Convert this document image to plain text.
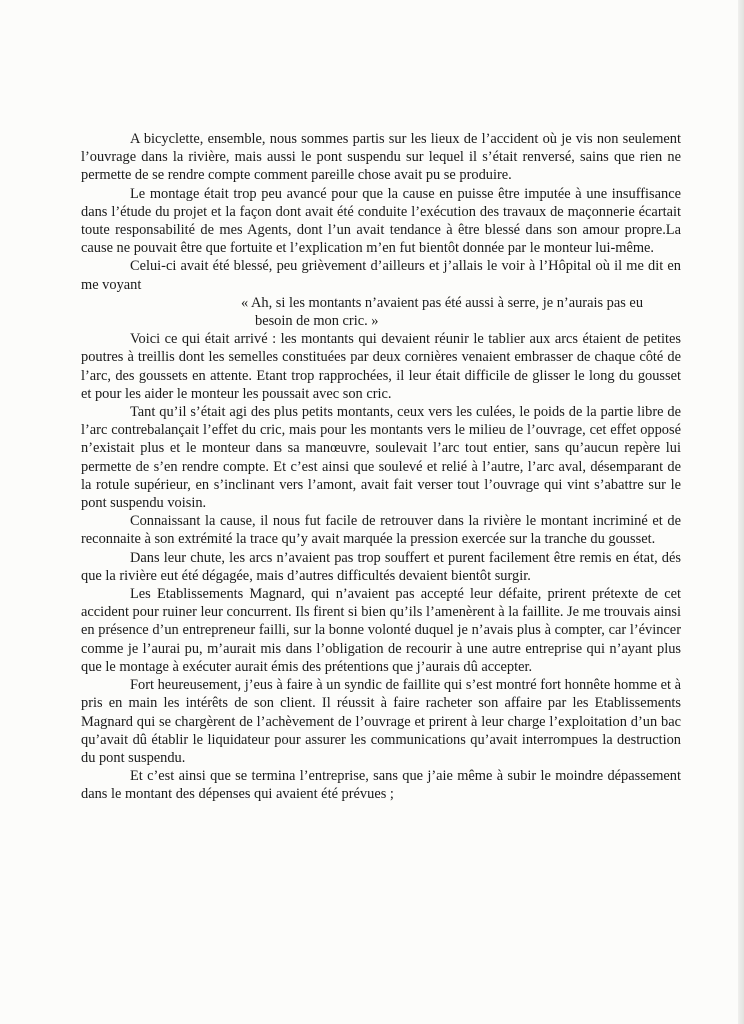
A bicyclette, ensemble, nous sommes partis sur les lieux de l’accident où je vis non seulement l’ouvrage dans la rivière, mais aussi le pont suspendu sur lequel il s’était renversé, sains que rien ne permette de se rendre compte comment pareille chose avait pu se produire.

Le montage était trop peu avancé pour que la cause en puisse être imputée à une insuffisance dans l’étude du projet et la façon dont avait été conduite l’exécution des travaux de maçonnerie écartait toute responsabilité de mes Agents, dont l’un avait tendance à être blessé dans son amour propre.La cause ne pouvait être que fortuite et l’explication m’en fut bientôt donnée par le monteur lui-même.

Celui-ci avait été blessé, peu grièvement d’ailleurs et j’allais le voir à l’Hôpital où il me dit en me voyant

« Ah, si les montants n’avaient pas été aussi à serre, je n’aurais pas eu
besoin de mon cric. »

Voici ce qui était arrivé : les montants qui devaient réunir le tablier aux arcs étaient de petites poutres à treillis dont les semelles constituées par deux cornières venaient embrasser de chaque côté de l’arc, des goussets en attente. Etant trop rapprochées, il leur était difficile de glisser le long du gousset et pour les aider le monteur les poussait avec son cric.

Tant qu’il s’était agi des plus petits montants, ceux vers les culées, le poids de la partie libre de l’arc contrebalançait l’effet du cric, mais pour les montants vers le milieu de l’ouvrage, cet effet opposé n’existait plus et le monteur dans sa manœuvre, soulevait l’arc tout entier, sans qu’aucun repère lui permette de s’en rendre compte. Et c’est ainsi que soulevé et relié à l’autre, l’arc aval, désemparant de la rotule supérieur, en s’inclinant vers l’amont, avait fait verser tout l’ouvrage qui vint s’abattre sur le pont suspendu voisin.

Connaissant la cause, il nous fut facile de retrouver dans la rivière le montant incriminé et de reconnaite à son extrémité la trace qu’y avait marquée la pression exercée sur la tranche du gousset.

Dans leur chute, les arcs n’avaient pas trop souffert et purent facilement être remis en état, dés que la rivière eut été dégagée, mais d’autres difficultés devaient bientôt surgir.

Les Etablissements Magnard, qui n’avaient pas accepté leur défaite, prirent prétexte de cet accident pour ruiner leur concurrent. Ils firent si bien qu’ils l’amenèrent à la faillite. Je me trouvais ainsi en présence d’un entrepreneur failli, sur la bonne volonté duquel je n’avais plus à compter, car l’évincer comme je l’aurai pu, m’aurait mis dans l’obligation de recourir à une autre entreprise qui n’ayant plus que le montage à exécuter aurait émis des prétentions que j’aurais dû accepter.

Fort heureusement, j’eus à faire à un syndic de faillite qui s’est montré fort honnête homme et à pris en main les intérêts de son client. Il réussit à faire racheter son affaire par les Etablissements Magnard qui se chargèrent de l’achèvement de l’ouvrage et prirent à leur charge l’exploitation d’un bac qu’avait dû établir le liquidateur pour assurer les communications qu’avait interrompues la destruction du pont suspendu.

Et c’est ainsi que se termina l’entreprise, sans que j’aie même à subir le moindre dépassement dans le montant des dépenses qui avaient été prévues ;
